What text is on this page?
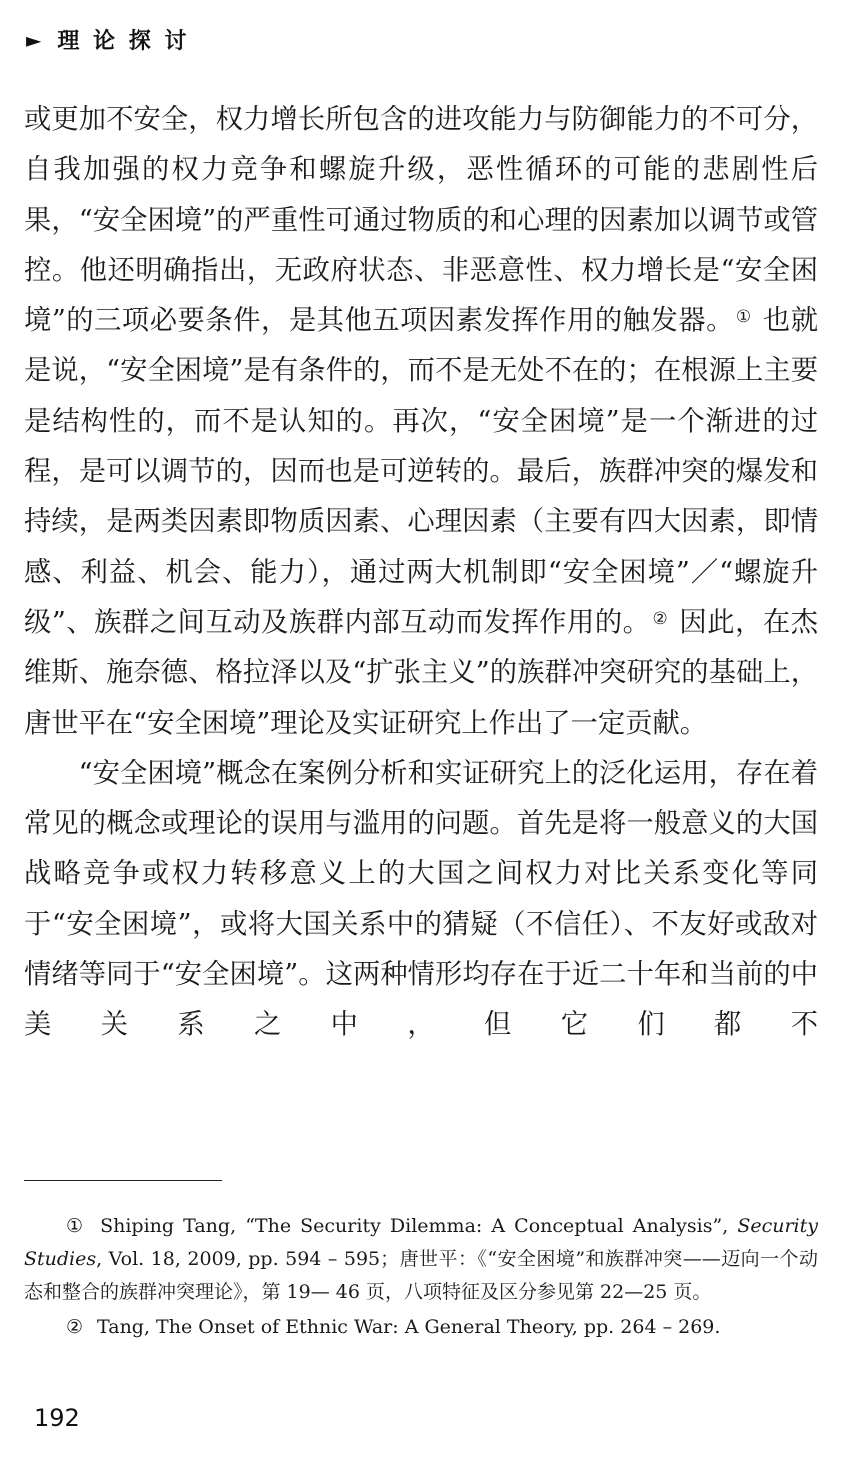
► 理 论 探 讨

或更加不安全，权力增长所包含的进攻能力与防御能力的不可分，自我加强的权力竞争和螺旋升级，恶性循环的可能的悲剧性后果，“安全困境”的严重性可通过物质的和心理的因素加以调节或管控。他还明确指出，无政府状态、非恶意性、权力增长是“安全困境”的三项必要条件，是其他五项因素发挥作用的触发器。 ① 也就是说，“安全困境”是有条件的，而不是无处不在的；在根源上主要是结构性的，而不是认知的。再次，“安全困境”是一个渐进的过程，是可以调节的，因而也是可逆转的。最后，族群冲突的爆发和持续，是两类因素即物质因素、心理因素（主要有四大因素，即情感、利益、机会、能力），通过两大机制即“安全困境”／“螺旋升级”、族群之间互动及族群内部互动而发挥作用的。 ② 因此，在杰维斯、施奈德、格拉泽以及“扩张主义”的族群冲突研究的基础上，唐世平在“安全困境”理论及实证研究上作出了一定贡献。

“安全困境”概念在案例分析和实证研究上的泛化运用，存在着常见的概念或理论的误用与滥用的问题。首先是将一般意义的大国战略竞争或权力转移意义上的大国之间权力对比关系变化等同于“安全困境”，或将大国关系中的猜疑（不信任）、不友好或敌对情绪等同于“安全困境”。这两种情形均存在于近二十年和当前的中美关系之中，但它们都不

① Shiping Tang, “The Security Dilemma: A Conceptual Analysis”, Security Studies, Vol. 18, 2009, pp. 594 – 595；唐世平：《“安全困境”和族群冲突——迈向一个动态和整合的族群冲突理论》，第 19— 46 页，八项特征及区分参见第 22—25 页。

② Tang, The Onset of Ethnic War: A General Theory, pp. 264 – 269.

192
